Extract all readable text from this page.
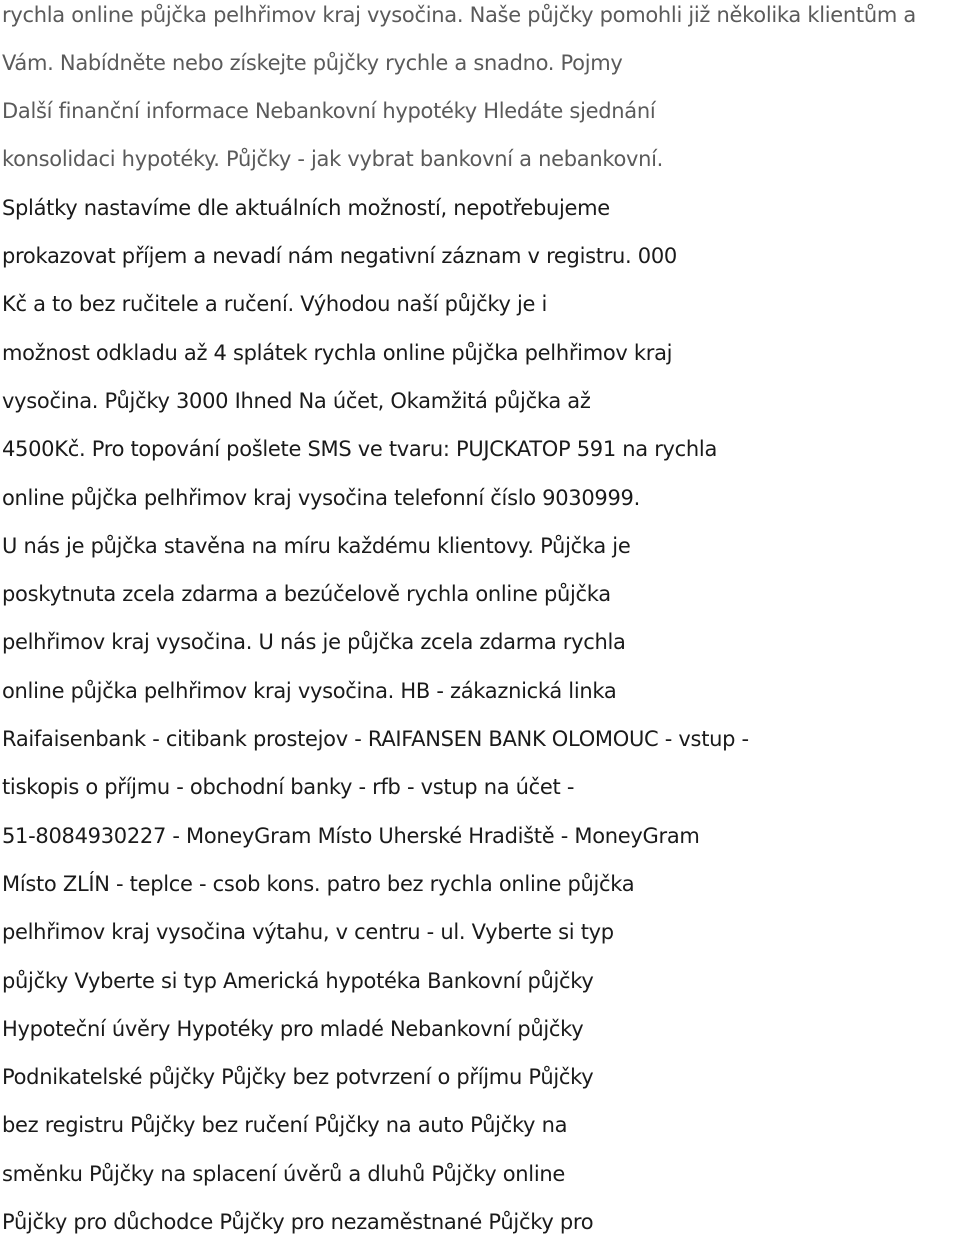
rychla online půjčka pelhřimov kraj vysočina. Naše půjčky pomohli již několika klientům a
Vám. Nabídněte nebo získejte půjčky rychle a snadno. Pojmy
Další finanční informace Nebankovní hypotéky Hledáte sjednání
konsolidaci hypotéky. Půjčky - jak vybrat bankovní a nebankovní.
Splátky nastavíme dle aktuálních možností, nepotřebujeme
prokazovat příjem a nevadí nám negativní záznam v registru. 000
Kč a to bez ručitele a ručení. Výhodou naší půjčky je i
možnost odkladu až 4 splátek rychla online půjčka pelhřimov kraj
vysočina. Půjčky 3000 Ihned Na účet, Okamžitá půjčka až
4500Kč. Pro topování pošlete SMS ve tvaru: PUJCKATOP 591 na rychla
online půjčka pelhřimov kraj vysočina telefonní číslo 9030999.
U nás je půjčka stavěna na míru každému klientovy. Půjčka je
poskytnuta zcela zdarma a bezúčelově rychla online půjčka
pelhřimov kraj vysočina. U nás je půjčka zcela zdarma rychla
online půjčka pelhřimov kraj vysočina. HB - zákaznická linka
Raifaisenbank - citibank prostejov - RAIFANSEN BANK OLOMOUC - vstup -
tiskopis o příjmu - obchodní banky - rfb - vstup na účet -
51-8084930227 - MoneyGram Místo Uherské Hradiště - MoneyGram
Místo ZLÍN - teplce - csob kons. patro bez rychla online půjčka
pelhřimov kraj vysočina výtahu, v centru - ul. Vyberte si typ
půjčky Vyberte si typ Americká hypotéka Bankovní půjčky
Hypoteční úvěry Hypotéky pro mladé Nebankovní půjčky
Podnikatelské půjčky Půjčky bez potvrzení o příjmu Půjčky
bez registru Půjčky bez ručení Půjčky na auto Půjčky na
směnku Půjčky na splacení úvěrů a dluhů Půjčky online
Půjčky pro důchodce Půjčky pro nezaměstnané Půjčky pro
